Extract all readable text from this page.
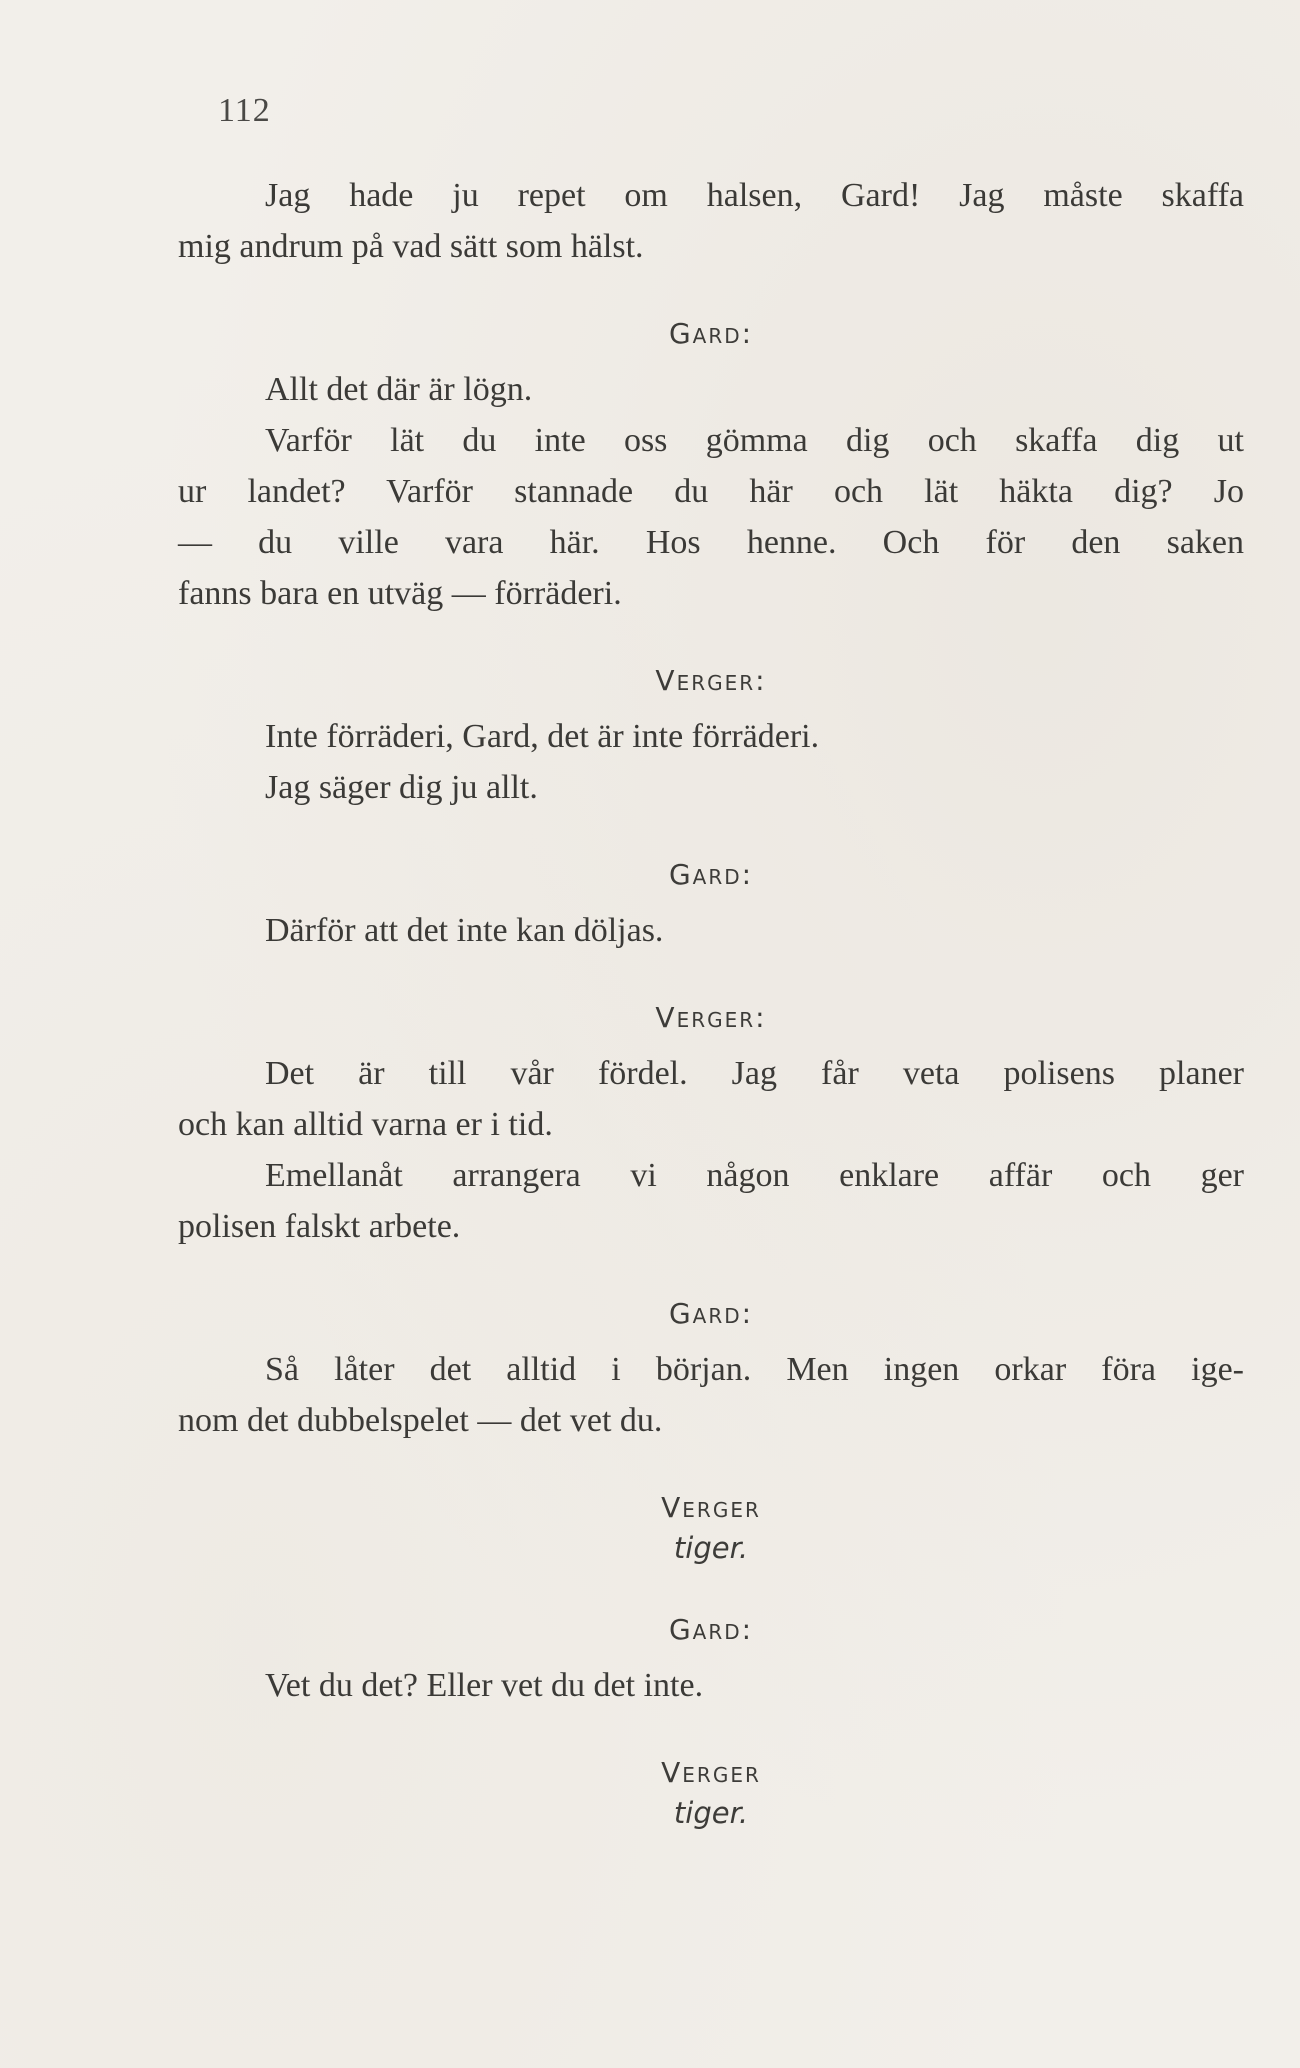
112

Jag hade ju repet om halsen, Gard! Jag måste skaffa
mig andrum på vad sätt som hälst.
Gard:
Allt det där är lögn.
Varför lät du inte oss gömma dig och skaffa dig ut
ur landet? Varför stannade du här och lät häkta dig? Jo
— du ville vara här. Hos henne. Och för den saken
fanns bara en utväg — förräderi.
Verger:
Inte förräderi, Gard, det är inte förräderi.
Jag säger dig ju allt.
Gard:
Därför att det inte kan döljas.
Verger:
Det är till vår fördel. Jag får veta polisens planer
och kan alltid varna er i tid.
Emellanåt arrangera vi någon enklare affär och ger
polisen falskt arbete.
Gard:
Så låter det alltid i början. Men ingen orkar föra ige-
nom det dubbelspelet — det vet du.
Verger
tiger.
Gard:
Vet du det? Eller vet du det inte.
Verger
tiger.
